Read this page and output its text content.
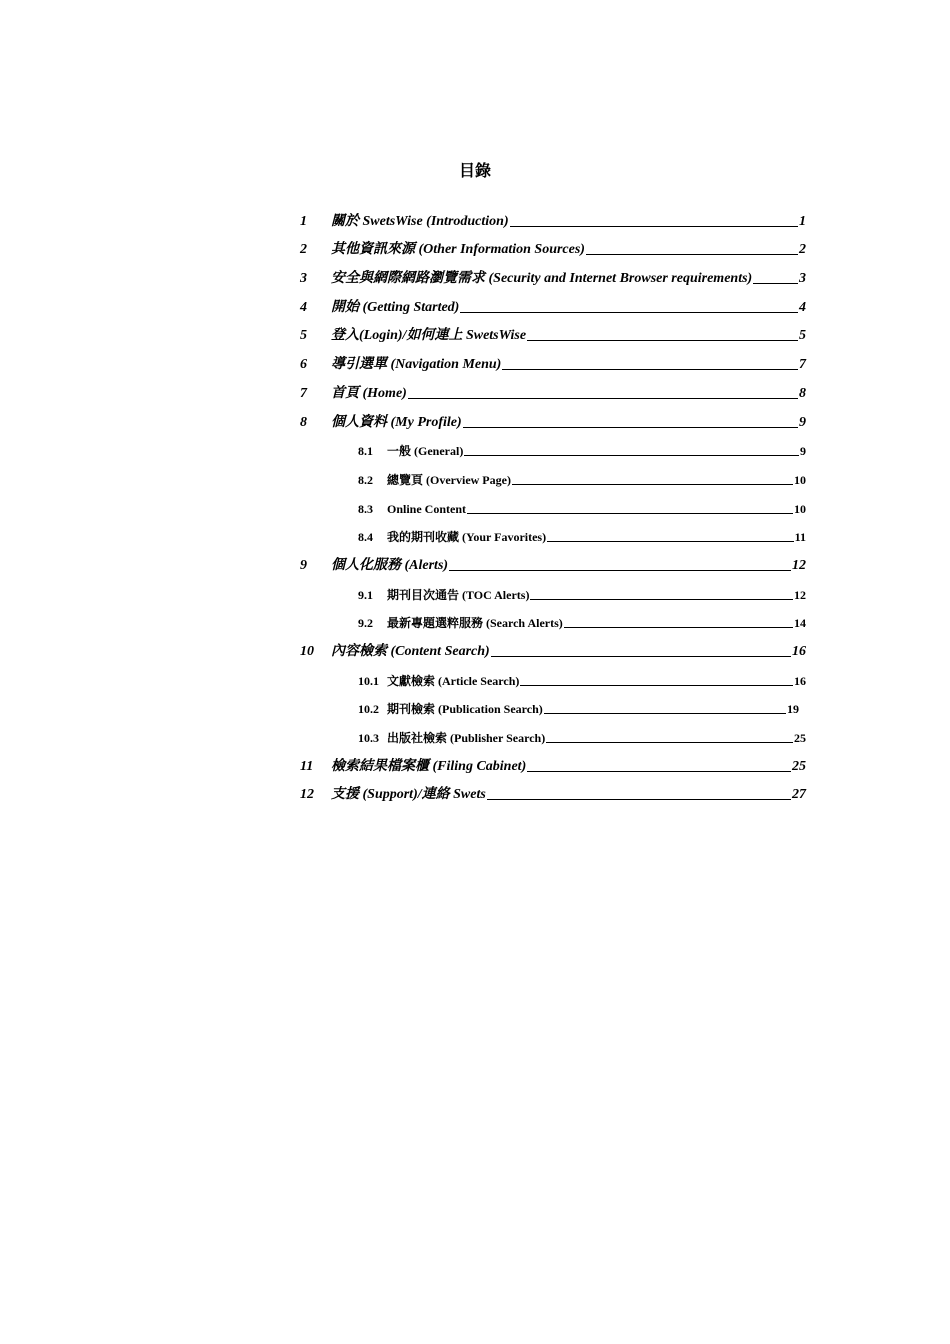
目錄
1	關於 SwetsWise (Introduction)	1
2	其他資訊來源 (Other Information Sources)	2
3	安全與網際網路瀏覽需求 (Security and Internet Browser requirements)	3
4	開始 (Getting Started)	4
5	登入(Login)/如何連上 SwetsWise	5
6	導引選單 (Navigation Menu)	7
7	首頁 (Home)	8
8	個人資料 (My Profile)	9
8.1	一般 (General)	9
8.2	總覽頁 (Overview Page)	10
8.3	Online Content	10
8.4	我的期刊收藏 (Your Favorites)	11
9	個人化服務 (Alerts)	12
9.1	期刊目次通告 (TOC Alerts)	12
9.2	最新專題選粹服務 (Search Alerts)	14
10	內容檢索 (Content Search)	16
10.1 文獻檢索 (Article Search)	16
10.2 期刊檢索 (Publication Search)	19
10.3 出版社檢索 (Publisher Search)	25
11	檢索結果檔案櫃 (Filing Cabinet)	25
12	支援 (Support)/連絡 Swets	27
